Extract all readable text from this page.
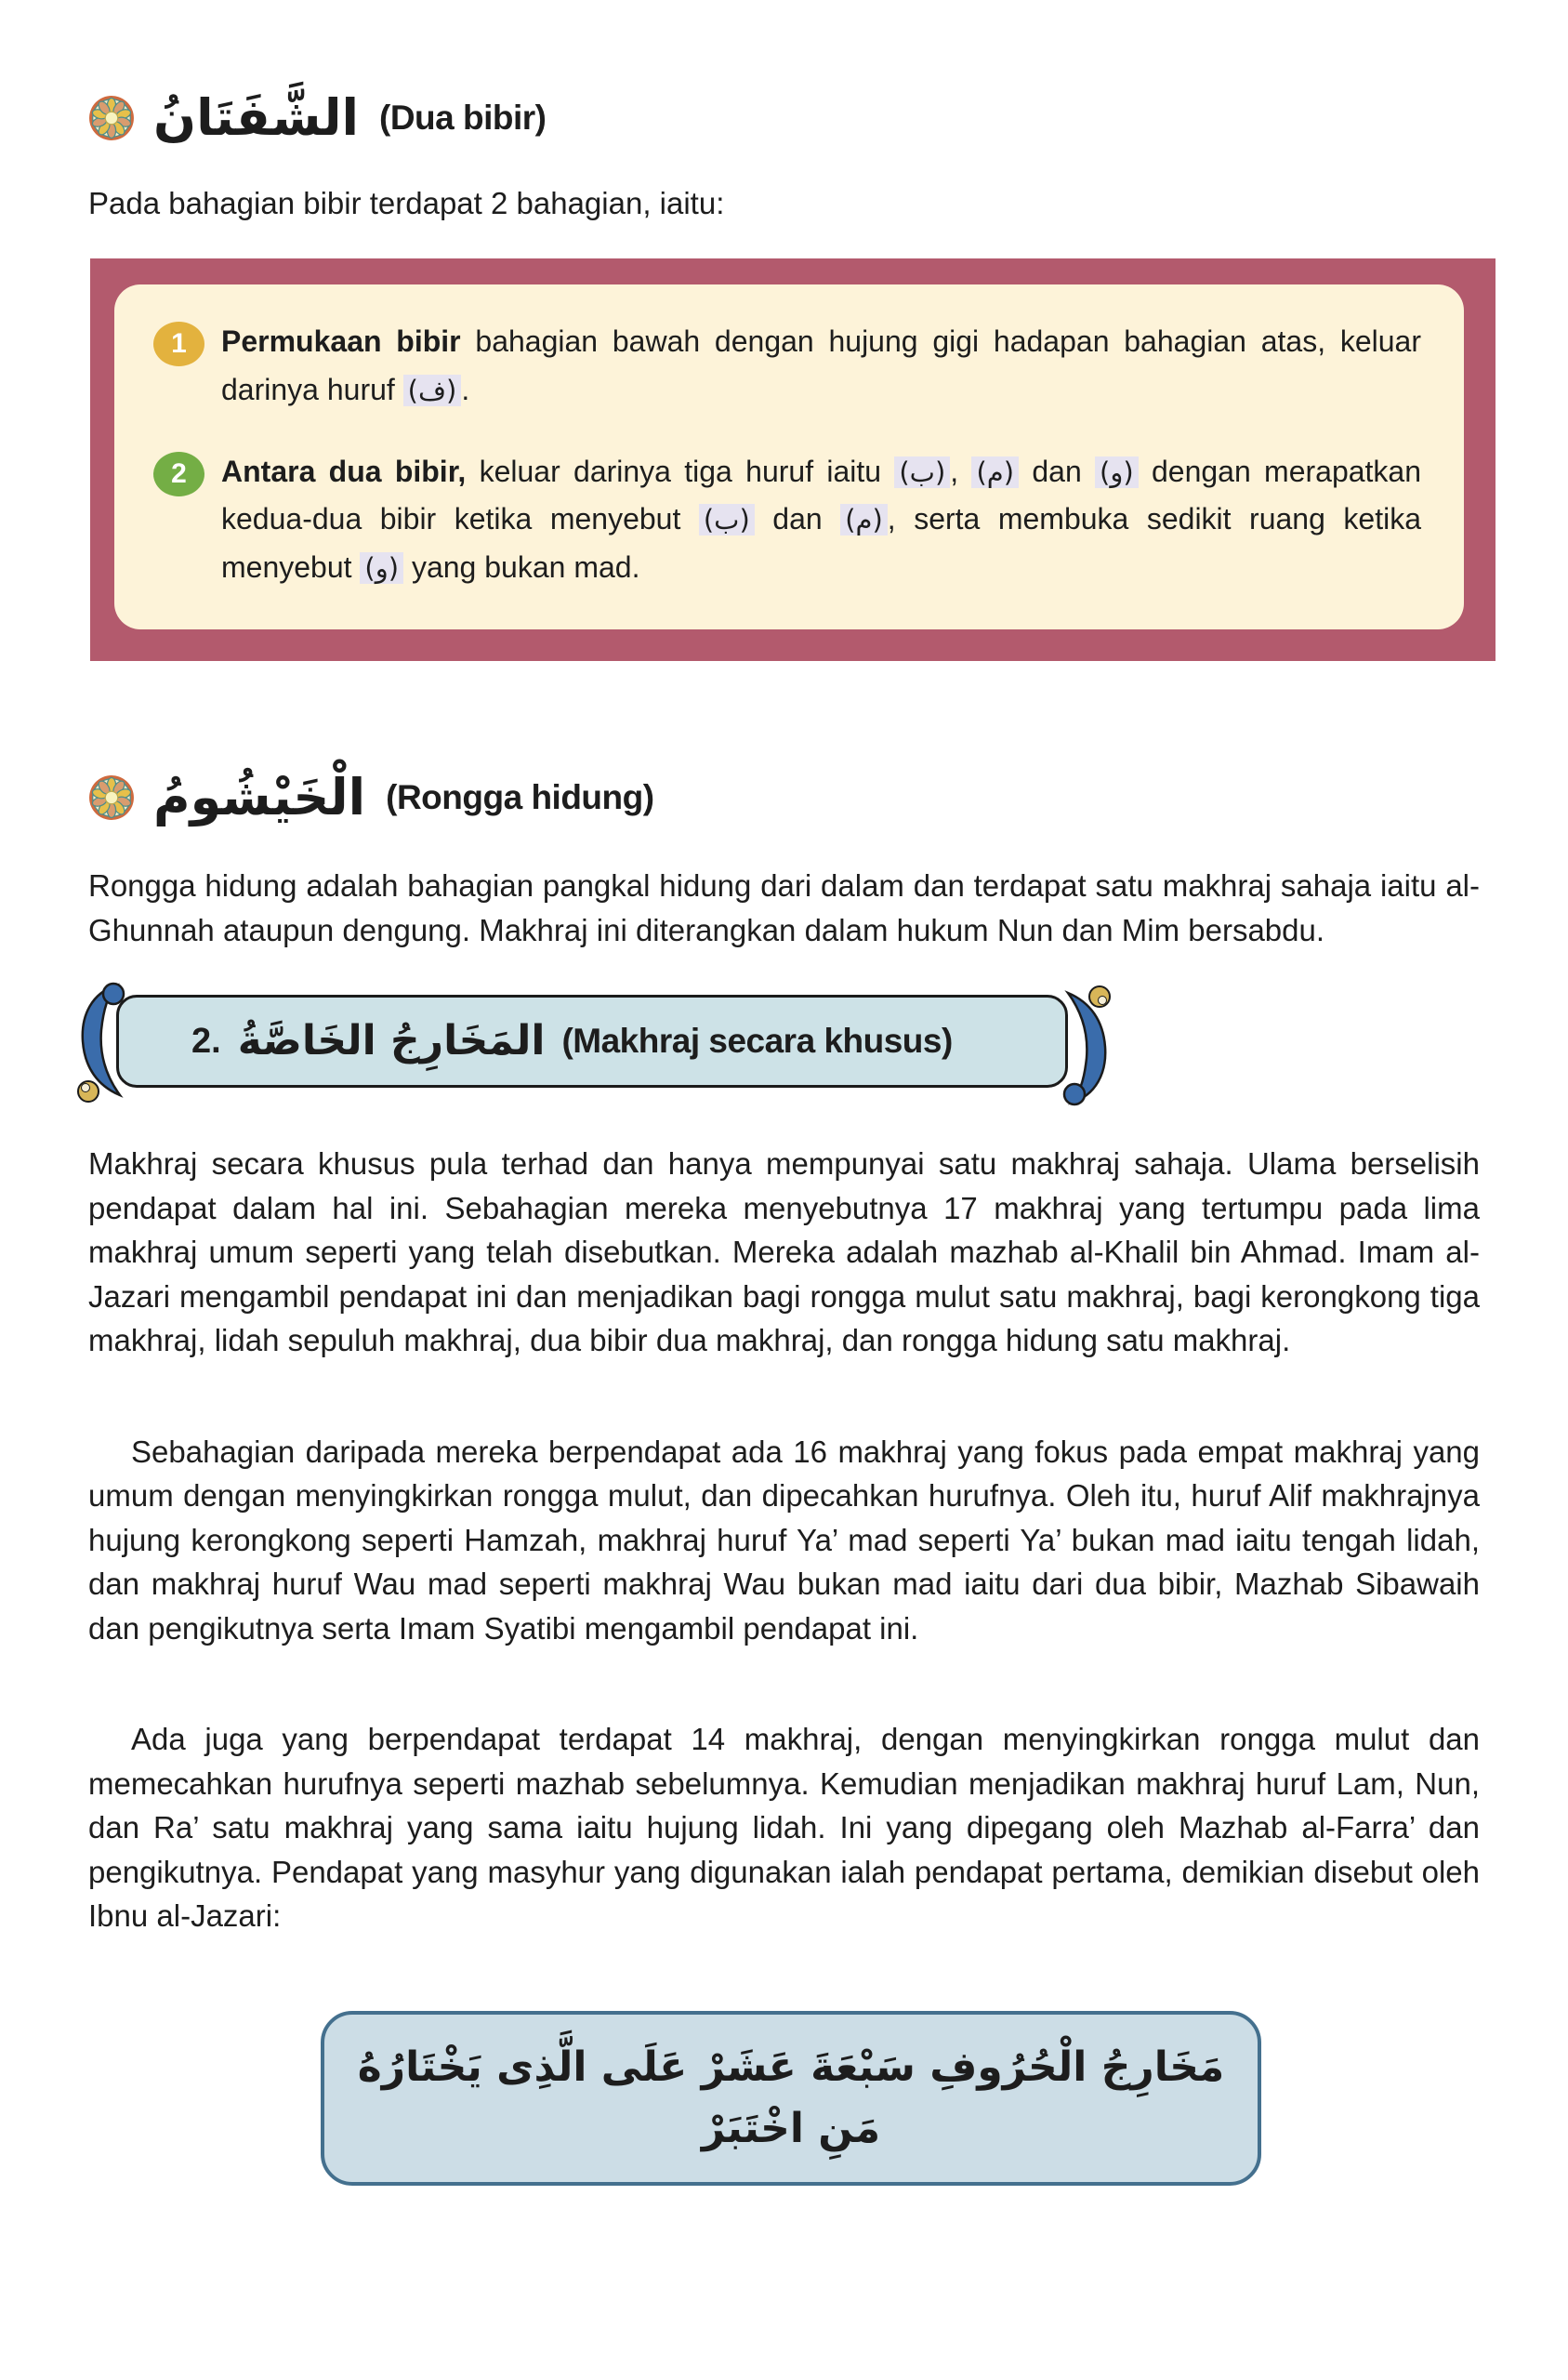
الشَّفَتَانُ (Dua bibir)

Pada bahagian bibir terdapat 2 bahagian, iaitu:

1	Permukaan bibir bahagian bawah dengan hujung gigi hadapan bahagian atas, keluar darinya huruf (ف) .
2	Antara dua bibir, keluar darinya tiga huruf iaitu (ب) , (م) dan (و) dengan merapatkan kedua-dua bibir ketika menyebut (ب) dan (م) , serta membuka sedikit ruang ketika menyebut (و) yang bukan mad.
الْخَيْشُومُ (Rongga hidung)

Rongga hidung adalah bahagian pangkal hidung dari dalam dan terdapat satu makhraj sahaja iaitu al-Ghunnah ataupun dengung. Makhraj ini diterangkan dalam hukum Nun dan Mim bersabdu.

2. المَخَارِجُ الخَاصَّةُ (Makhraj secara khusus)

Makhraj secara khusus pula terhad dan hanya mempunyai satu makhraj sahaja. Ulama berselisih pendapat dalam hal ini. Sebahagian mereka menyebutnya 17 makhraj yang tertumpu pada lima makhraj umum seperti yang telah disebutkan. Mereka adalah mazhab al-Khalil bin Ahmad. Imam al-Jazari mengambil pendapat ini dan menjadikan bagi rongga mulut satu makhraj, bagi kerongkong tiga makhraj, lidah sepuluh makhraj, dua bibir dua makhraj, dan rongga hidung satu makhraj.

Sebahagian daripada mereka berpendapat ada 16 makhraj yang fokus pada empat makhraj yang umum dengan menyingkirkan rongga mulut, dan dipecahkan hurufnya. Oleh itu, huruf Alif makhrajnya hujung kerongkong seperti Hamzah, makhraj huruf Ya’ mad seperti Ya’ bukan mad iaitu tengah lidah, dan makhraj huruf Wau mad seperti makhraj Wau bukan mad iaitu dari dua bibir, Mazhab Sibawaih dan pengikutnya serta Imam Syatibi mengambil pendapat ini.

Ada juga yang berpendapat terdapat 14 makhraj, dengan menyingkirkan rongga mulut dan memecahkan hurufnya seperti mazhab sebelumnya. Kemudian menjadikan makhraj huruf Lam, Nun, dan Ra’ satu makhraj yang sama iaitu hujung lidah. Ini yang dipegang oleh Mazhab al-Farra’ dan pengikutnya. Pendapat yang masyhur yang digunakan ialah pendapat pertama, demikian disebut oleh Ibnu al-Jazari:

مَخَارِجُ الْحُرُوفِ سَبْعَةَ عَشَرْ عَلَى الَّذِى يَخْتَارُهُ مَنِ اخْتَبَرْ
